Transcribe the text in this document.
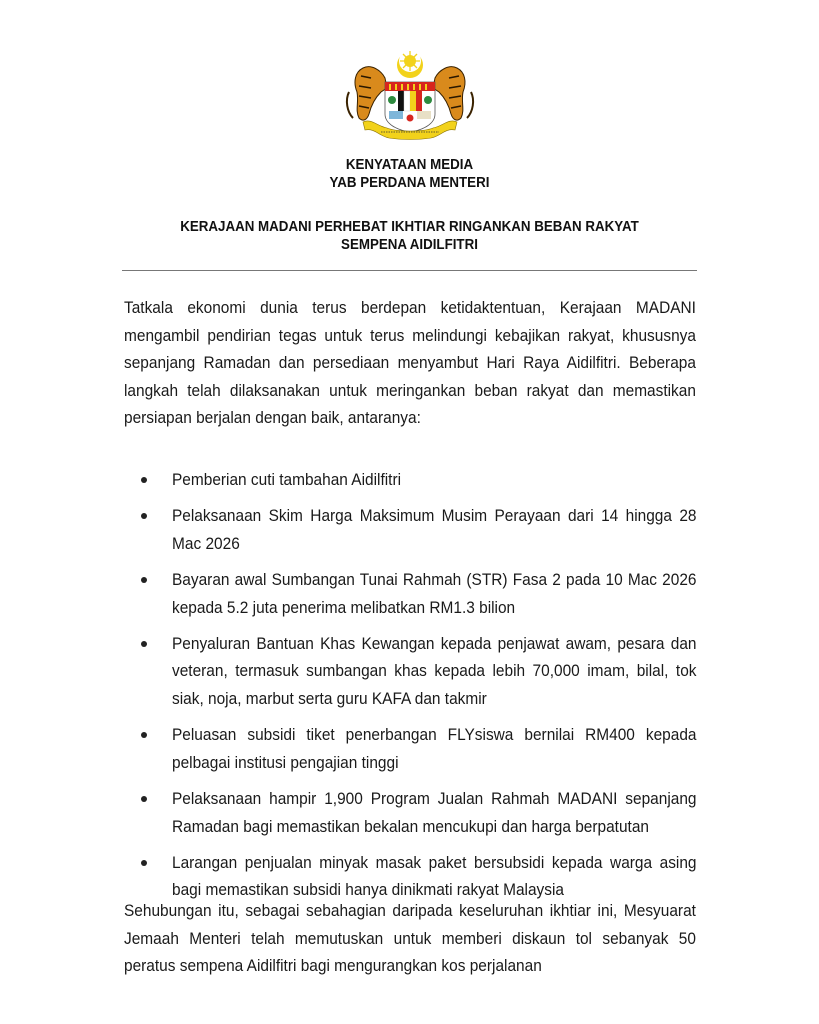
KENYATAAN MEDIA
YAB PERDANA MENTERI
KERAJAAN MADANI PERHEBAT IKHTIAR RINGANKAN BEBAN RAKYAT
SEMPENA AIDILFITRI

Tatkala ekonomi dunia terus berdepan ketidaktentuan, Kerajaan MADANI mengambil pendirian tegas untuk terus melindungi kebajikan rakyat, khususnya sepanjang Ramadan dan persediaan menyambut Hari Raya Aidilfitri. Beberapa langkah telah dilaksanakan untuk meringankan beban rakyat dan memastikan persiapan berjalan dengan baik, antaranya:

Pemberian cuti tambahan Aidilfitri
Pelaksanaan Skim Harga Maksimum Musim Perayaan dari 14 hingga 28 Mac 2026
Bayaran awal Sumbangan Tunai Rahmah (STR) Fasa 2 pada 10 Mac 2026 kepada 5.2 juta penerima melibatkan RM1.3 bilion
Penyaluran Bantuan Khas Kewangan kepada penjawat awam, pesara dan veteran, termasuk sumbangan khas kepada lebih 70,000 imam, bilal, tok siak, noja, marbut serta guru KAFA dan takmir
Peluasan subsidi tiket penerbangan FLYsiswa bernilai RM400 kepada pelbagai institusi pengajian tinggi
Pelaksanaan hampir 1,900 Program Jualan Rahmah MADANI sepanjang Ramadan bagi memastikan bekalan mencukupi dan harga berpatutan
Larangan penjualan minyak masak paket bersubsidi kepada warga asing bagi memastikan subsidi hanya dinikmati rakyat Malaysia

Sehubungan itu, sebagai sebahagian daripada keseluruhan ikhtiar ini, Mesyuarat Jemaah Menteri telah memutuskan untuk memberi diskaun tol sebanyak 50 peratus sempena Aidilfitri bagi mengurangkan kos perjalanan
